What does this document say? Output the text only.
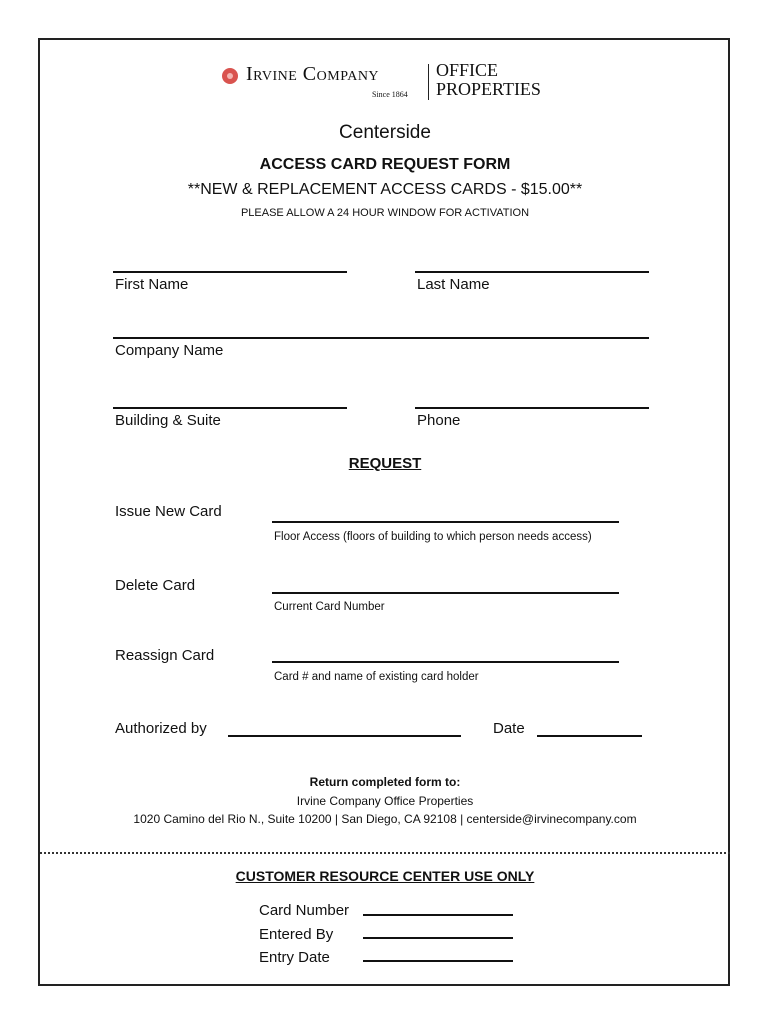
Irvine Company
Since 1864
OFFICE
PROPERTIES
Centerside
ACCESS CARD REQUEST FORM
**NEW & REPLACEMENT ACCESS CARDS - $15.00**
PLEASE ALLOW A 24 HOUR WINDOW FOR ACTIVATION
First Name	Last Name
Company Name
Building & Suite	Phone
REQUEST
Issue New Card
Floor Access (floors of building to which person needs access)
Delete Card
Current Card Number
Reassign Card
Card # and name of existing card holder
Authorized by	Date
Return completed form to:
Irvine Company Office Properties
1020 Camino del Rio N., Suite 10200 | San Diego, CA 92108 | centerside@irvinecompany.com
CUSTOMER RESOURCE CENTER USE ONLY
Card Number
Entered By
Entry Date
